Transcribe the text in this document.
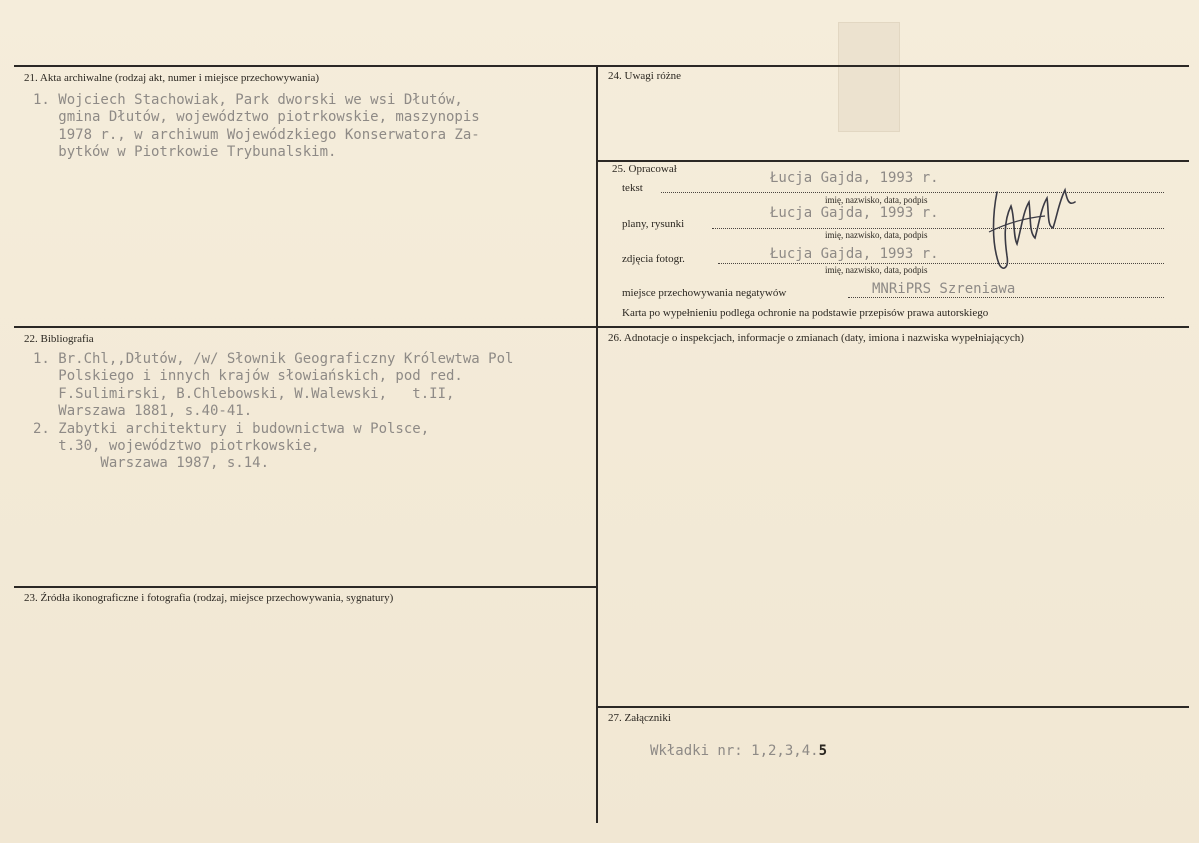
21. Akta archiwalne (rodzaj akt, numer i miejsce przechowywania)
1. Wojciech Stachowiak, Park dworski we wsi Dłutów,
gmina Dłutów, województwo piotrkowskie, maszynopis
1978 r., w archiwum Wojewódzkiego Konserwatora Za-
bytków w Piotrkowie Trybunalskim.
24. Uwagi różne
25. Opracował
tekst
Łucja Gajda, 1993 r.
imię, nazwisko, data, podpis
plany, rysunki
Łucja Gajda, 1993 r.
imię, nazwisko, data, podpis
zdjęcia fotogr.	Łucja Gajda, 1993 r.
imię, nazwisko, data, podpis
miejsce przechowywania negatywów	MNRiPRS Szreniawa
Karta po wypełnieniu podlega ochronie na podstawie przepisów prawa autorskiego
22. Bibliografia
1. Br.Chl,,Dłutów, /w/ Słownik Geograficzny Królewtwa Pol
Polskiego i innych krajów słowiańskich, pod red.
F.Sulimirski, B.Chlebowski, W.Walewski,   t.II,
Warszawa 1881, s.40-41.
2. Zabytki architektury i budownictwa w Polsce,
t.30, województwo piotrkowskie,
Warszawa 1987, s.14.
26. Adnotacje o inspekcjach, informacje o zmianach (daty, imiona i nazwiska wypełniających)
23. Źródła ikonograficzne i fotografia (rodzaj, miejsce przechowywania, sygnatury)
27. Załączniki
Wkładki nr: 1,2,3,4.5
